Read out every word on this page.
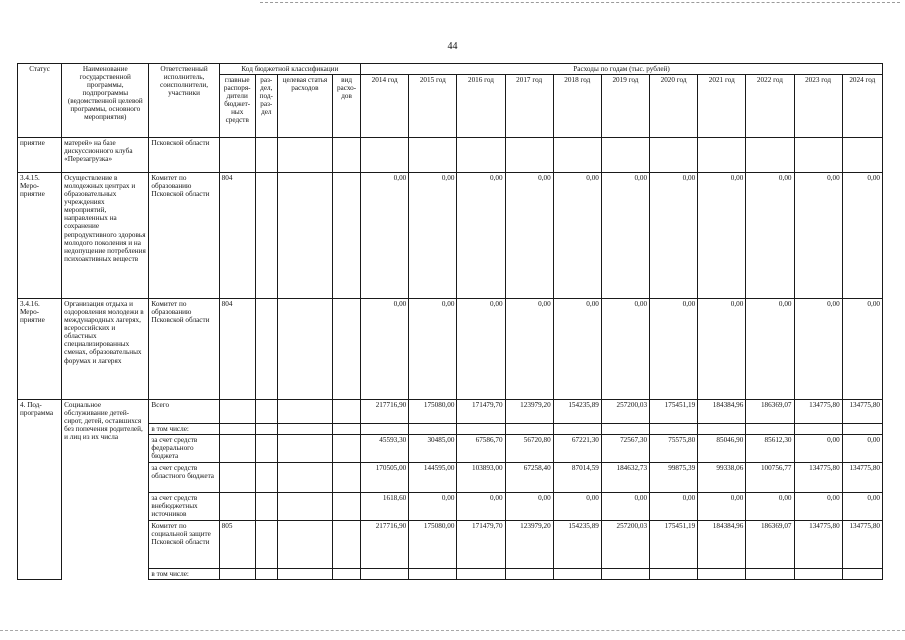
44
Статус	Наименование государственной программы, подпрограммы (ведомственной целевой программы, основного мероприятия)	Ответственный исполнитель, соисполнители, участники	Код бюджетной классификации				Расходы по годам (тыс. рублей)										
			главные распоря-дители бюджет-ных средств	раз-дел, под-раз-дел	целевая статья расходов	вид расхо-дов	2014 год	2015 год	2016 год	2017 год	2018 год	2019 год	2020 год	2021 год	2022 год	2023 год	2024 год
приятие	матерей» на базе дискуссионного клуба «Перезагрузка»	Псковской области															
3.4.15. Меро-приятие	Осуществление в молодежных центрах и образовательных учреждениях мероприятий, направленных на сохранение репродуктивного здоровья молодого поколения и на недопущение потребления психоактивных веществ	Комитет по образованию Псковской области	804				0,00	0,00	0,00	0,00	0,00	0,00	0,00	0,00	0,00	0,00	0,00
3.4.16. Меро-приятие	Организация отдыха и оздоровления молодежи в международных лагерях, всероссийских и областных специализированных сменах, образовательных форумах и лагерях	Комитет по образованию Псковской области	804				0,00	0,00	0,00	0,00	0,00	0,00	0,00	0,00	0,00	0,00	0,00
4. Под-программа	Социальное обслуживание детей-сирот, детей, оставшихся без попечения родителей, и лиц из их числа	Всего					217716,90	175080,00	171479,70	123979,20	154235,89	257200,03	175451,19	184384,96	186369,07	134775,80	134775,80
		в том числе:															
		за счет средств федерального бюджета					45593,30	30485,00	67586,70	56720,80	67221,30	72567,30	75575,80	85046,90	85612,30	0,00	0,00
		за счет средств областного бюджета					170505,00	144595,00	103893,00	67258,40	87014,59	184632,73	99875,39	99338,06	100756,77	134775,80	134775,80
		за счет средств внебюджетных источников					1618,60	0,00	0,00	0,00	0,00	0,00	0,00	0,00	0,00	0,00	0,00
		Комитет по социальной защите Псковской области	805				217716,90	175080,00	171479,70	123979,20	154235,89	257200,03	175451,19	184384,96	186369,07	134775,80	134775,80
		в том числе:															
